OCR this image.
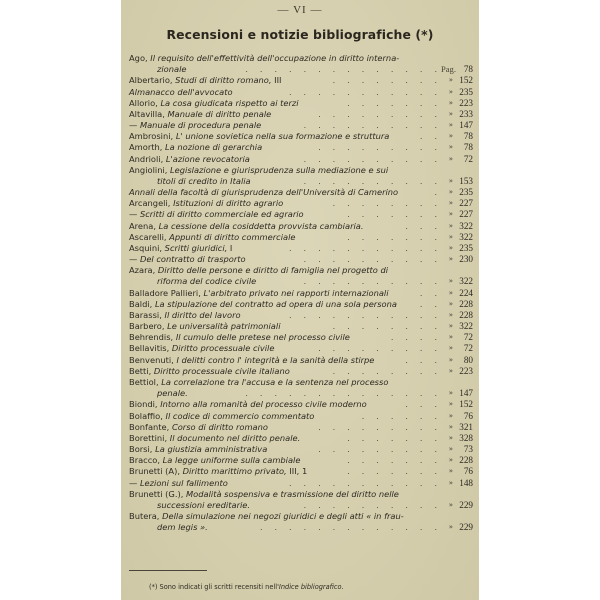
— VI —
Recensioni e notizie bibliografiche (*)
Ago, Il requisito dell'effettività dell'occupazione in diritto interna-
zionale	Pag. 78
.  .  .  .  .  .  .  .  .  .  .  .  .  .
Albertario, Studi di diritto romano, III	» 152
.  .  .  .  .  .  .  .
Almanacco dell'avvocato	» 235
.  .  .  .  .  .  .  .  .  .  .
Allorio, La cosa giudicata rispetto ai terzi	» 223
.  .  .  .  .  .  .
Altavilla, Manuale di diritto penale	» 233
.  .  .  .  .  .  .  .  .
— Manuale di procedura penale	» 147
.  .  .  .  .  .  .  .  .  .
Ambrosini, L' unione sovietica nella sua formazione e struttura	»	78
.  .
Amorth, La nozione di gerarchia	»	78
.  .  .  .  .  .  .  .  .
Andrioli, L'azione revocatoria	»	72
.  .  .  .  .  .  .  .  .  .
Angiolini, Legislazione e giurisprudenza sulla mediazione e sui
titoli di credito in Italia	» 153
.  .  .  .  .  .  .  .  .  .
Annali della facoltà di giurisprudenza dell'Università di Camerino	» 235
.
Arcangeli, Istituzioni di diritto agrario	» 227
.  .  .  .  .  .  .  .
— Scritti di diritto commerciale ed agrario	» 227
.  .  .  .  .  .  .
Arena, La cessione della cosiddetta provvista cambiaria.	» 322
.  .  .
Ascarelli, Appunti di diritto commerciale	» 322
.  .  .  .  .  .  .
Asquini, Scritti giuridici, I	» 235
.  .  .  .  .  .  .  .  .  .  .
— Del contratto di trasporto	» 230
.  .  .  .  .  .  .  .  .  .
Azara, Diritto delle persone e diritto di famiglia nel progetto di
riforma del codice civile	» 322
.  .  .  .  .  .  .  .  .  .
Balladore Pallieri, L'arbitrato privato nei rapporti internazionali	» 224
.  .
Baldi, La stipulazione del contratto ad opera di una sola persona	» 228
.  .
Barassi, Il diritto del lavoro	» 228
.  .  .  .  .  .  .  .  .  .  .
Barbero, Le universalità patrimoniali	» 322
.  .  .  .  .  .  .  .
Behrendis, Il cumulo delle pretese nel processo civile	»	72
.  .  .  .
Bellavitis, Diritto processuale civile	»	72
.  .  .  .  .  .  .  .  .
Benvenuti, I delitti contro l' integrità e la sanità della stirpe	»	80
.  .  .
Betti, Diritto processuale civile italiano	» 223
.  .  .  .  .  .  .  .
Bettiol, La correlazione tra l'accusa e la sentenza nel processo
penale.	» 147
.  .  .  .  .  .  .  .  .  .  .  .  .  .
Biondi, Intorno alla romanità del processo civile moderno	» 152
.  .  .
Bolaffio, Il codice di commercio commentato	»	76
.  .  .  .  .  .
Bonfante, Corso di diritto romano	» 321
.  .  .  .  .  .  .  .  .
Borettini, Il documento nel diritto penale.	» 328
.  .  .  .  .  .  .
Borsi, La giustizia amministrativa	»	73
.  .  .  .  .  .  .  .  .
Bracco, La legge uniforme sulla cambiale	» 228
.  .  .  .  .  .  .
Brunetti (A), Diritto marittimo privato, III, 1	»	76
.  .  .  .  .  .  .
— Lezioni sul fallimento	» 148
.  .  .  .  .  .  .  .  .  .  .
Brunetti (G.), Modalità sospensiva e trasmissione del diritto nelle
successioni ereditarie.	» 229
.  .  .  .  .  .  .  .  .  .
Butera, Della simulazione nei negozi giuridici e degli atti « in frau-
dem legis ».	» 229
.  .  .  .  .  .  .  .  .  .  .  .  .
(*) Sono indicati gli scritti recensiti nell'Indice bibliografico.
